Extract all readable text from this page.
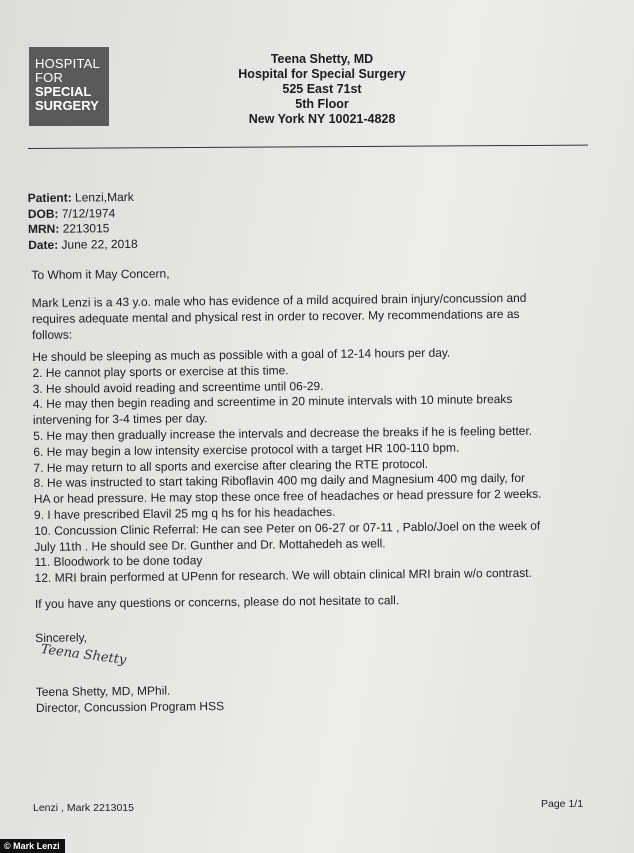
HOSPITAL
FOR
SPECIAL
SURGERY
Teena Shetty, MD
Hospital for Special Surgery
525 East 71st
5th Floor
New York NY 10021-4828
Patient: Lenzi,Mark
DOB: 7/12/1974
MRN: 2213015
Date: June 22, 2018
To Whom it May Concern,
Mark Lenzi is a 43 y.o. male who has evidence of a mild acquired brain injury/concussion and
requires adequate mental and physical rest in order to recover. My recommendations are as
follows:
He should be sleeping as much as possible with a goal of 12-14 hours per day.
2. He cannot play sports or exercise at this time.
3. He should avoid reading and screentime until 06-29.
4. He may then begin reading and screentime in 20 minute intervals with 10 minute breaks
intervening for 3-4 times per day.
5. He may then gradually increase the intervals and decrease the breaks if he is feeling better.
6. He may begin a low intensity exercise protocol with a target HR 100-110 bpm.
7. He may return to all sports and exercise after clearing the RTE protocol.
8. He was instructed to start taking Riboflavin 400 mg daily and Magnesium 400 mg daily, for
HA or head pressure. He may stop these once free of headaches or head pressure for 2 weeks.
9. I have prescribed Elavil 25 mg q hs for his headaches.
10. Concussion Clinic Referral: He can see Peter on 06-27 or 07-11 , Pablo/Joel on the week of
July 11th . He should see Dr. Gunther and Dr. Mottahedeh as well.
11. Bloodwork to be done today
12. MRI brain performed at UPenn for research. We will obtain clinical MRI brain w/o contrast.
If you have any questions or concerns, please do not hesitate to call.
Sincerely,
Teena Shetty
Teena Shetty, MD, MPhil.
Director, Concussion Program HSS
Lenzi , Mark 2213015	Page 1/1
© Mark Lenzi
